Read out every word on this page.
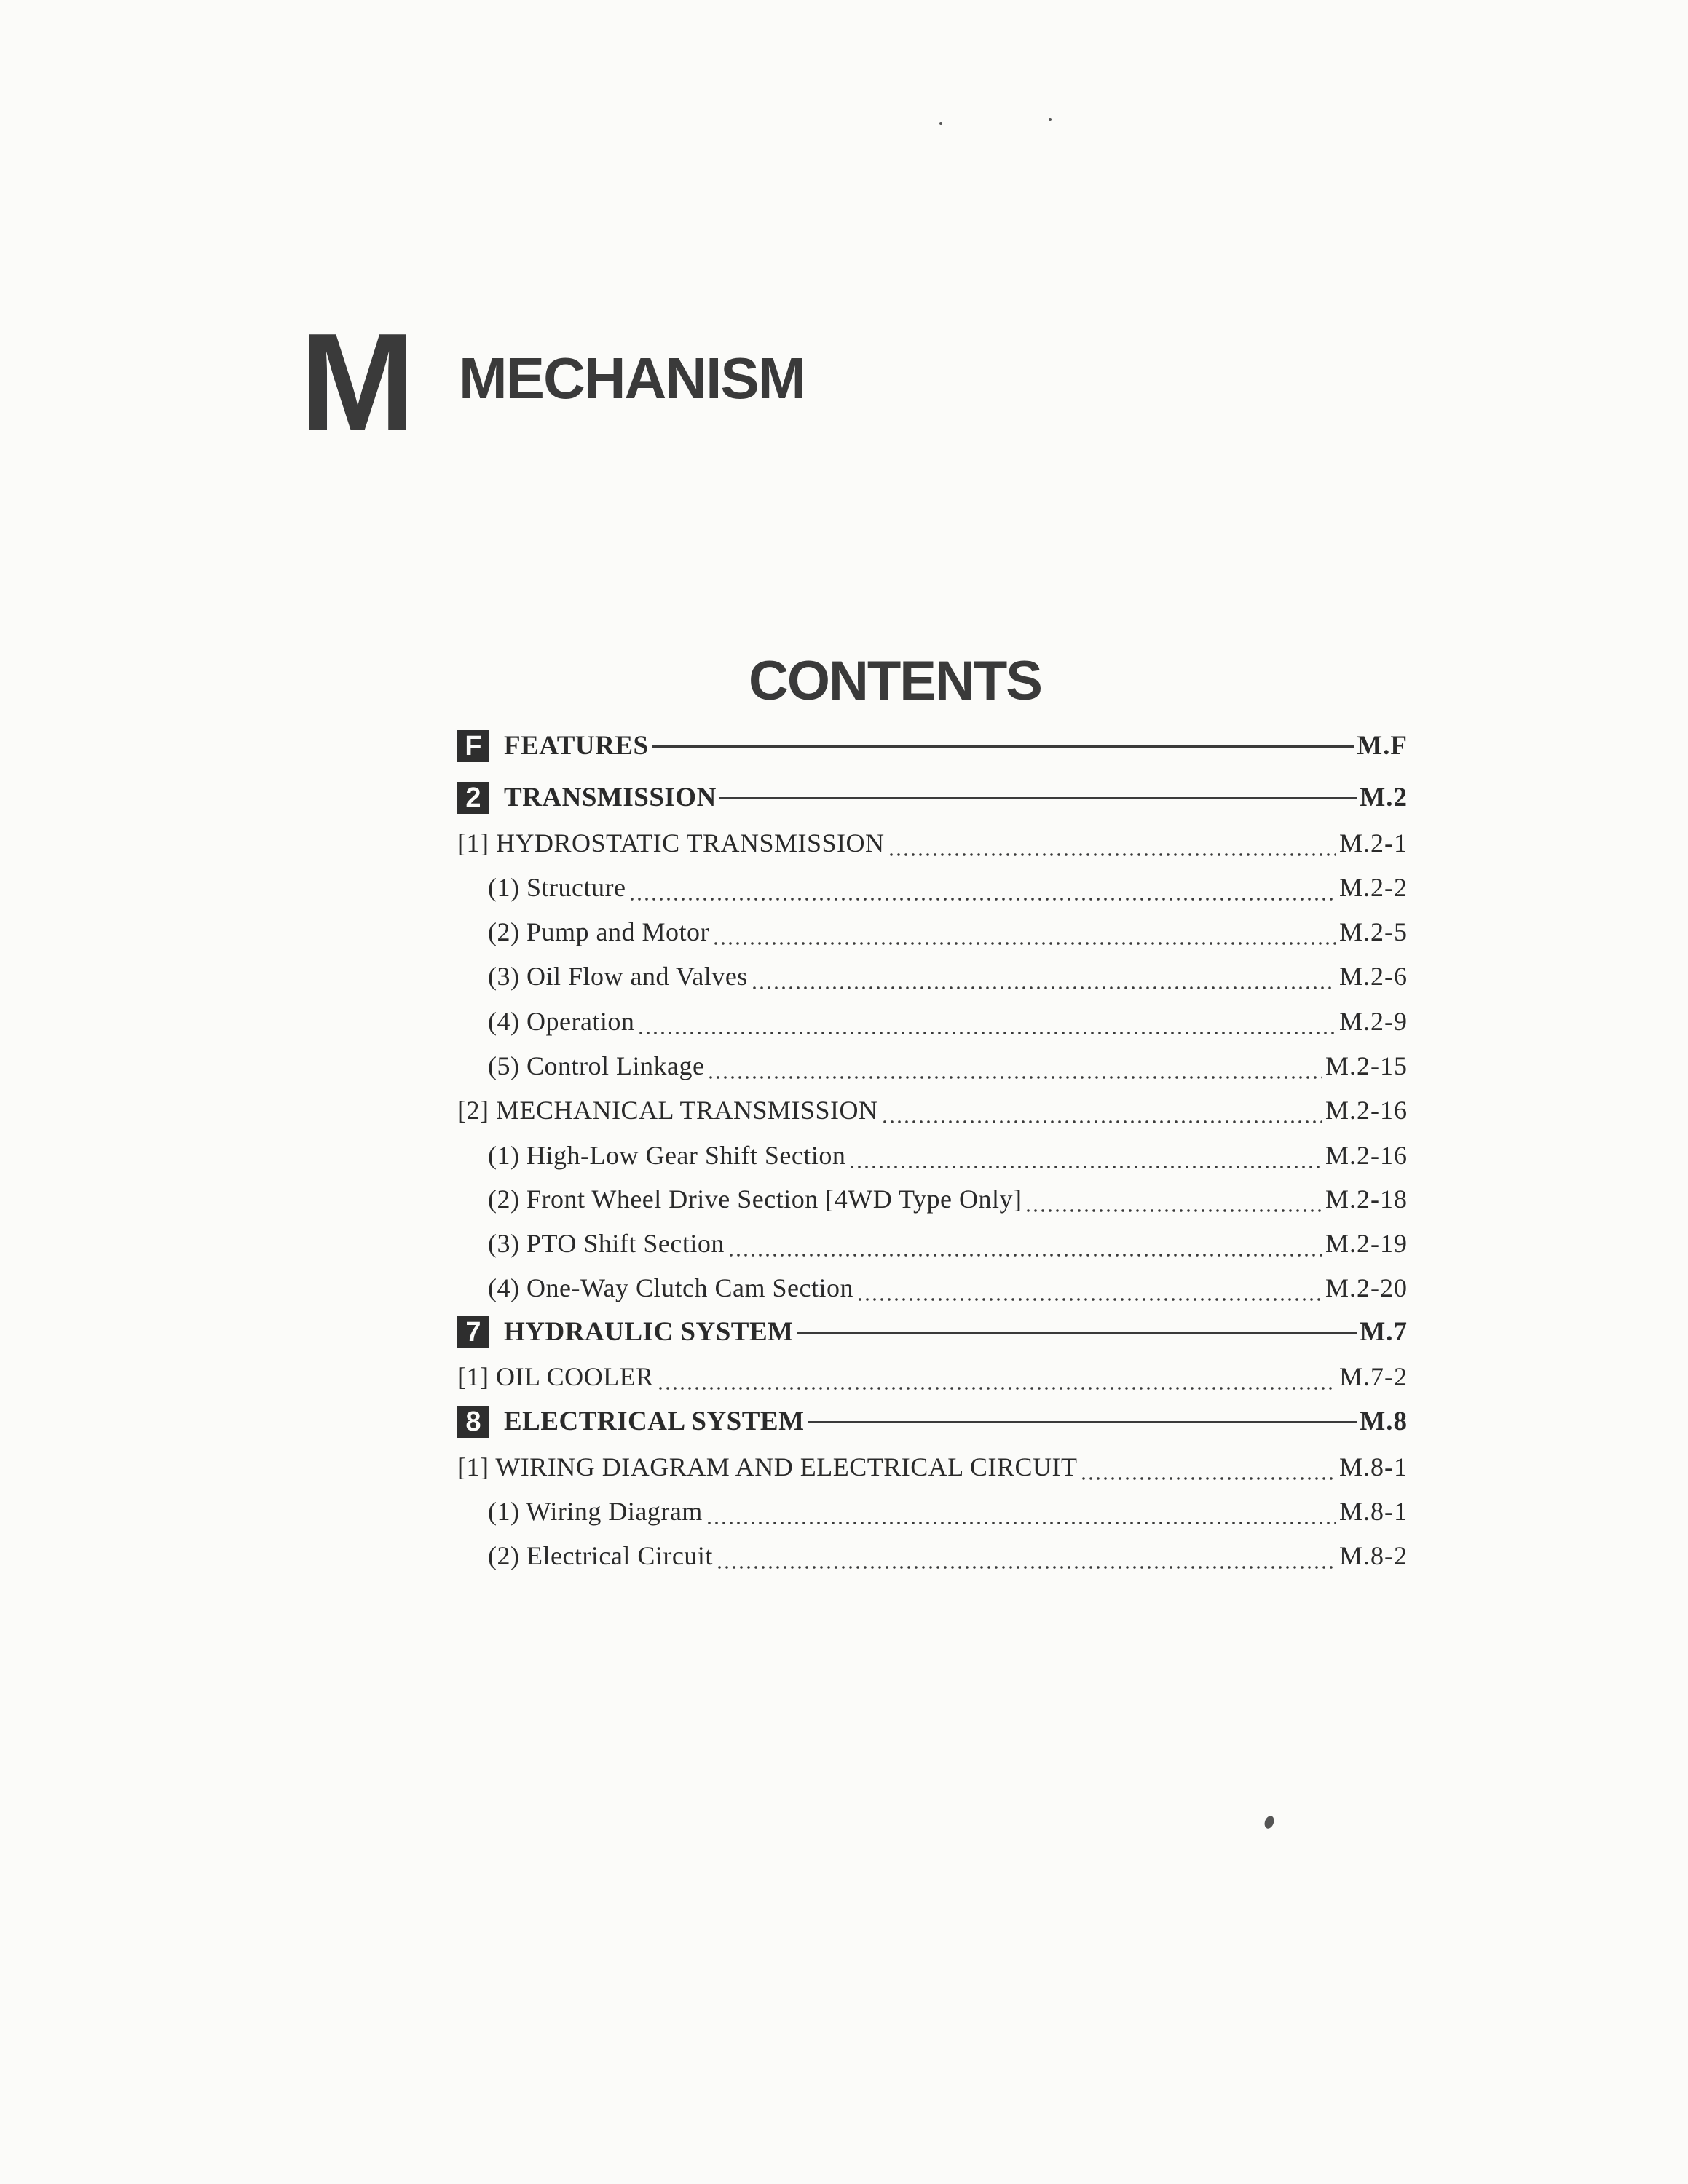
M MECHANISM
CONTENTS
F FEATURES	M.F
2 TRANSMISSION	M.2
[1] HYDROSTATIC TRANSMISSION	M.2-1
(1) Structure	M.2-2
(2) Pump and Motor	M.2-5
(3) Oil Flow and Valves	M.2-6
(4) Operation	M.2-9
(5) Control Linkage	M.2-15
[2] MECHANICAL TRANSMISSION	M.2-16
(1) High-Low Gear Shift Section	M.2-16
(2) Front Wheel Drive Section [4WD Type Only]	M.2-18
(3) PTO Shift Section	M.2-19
(4) One-Way Clutch Cam Section	M.2-20
7 HYDRAULIC SYSTEM	M.7
[1] OIL COOLER	M.7-2
8 ELECTRICAL SYSTEM	M.8
[1] WIRING DIAGRAM AND ELECTRICAL CIRCUIT	M.8-1
(1) Wiring Diagram	M.8-1
(2) Electrical Circuit	M.8-2
